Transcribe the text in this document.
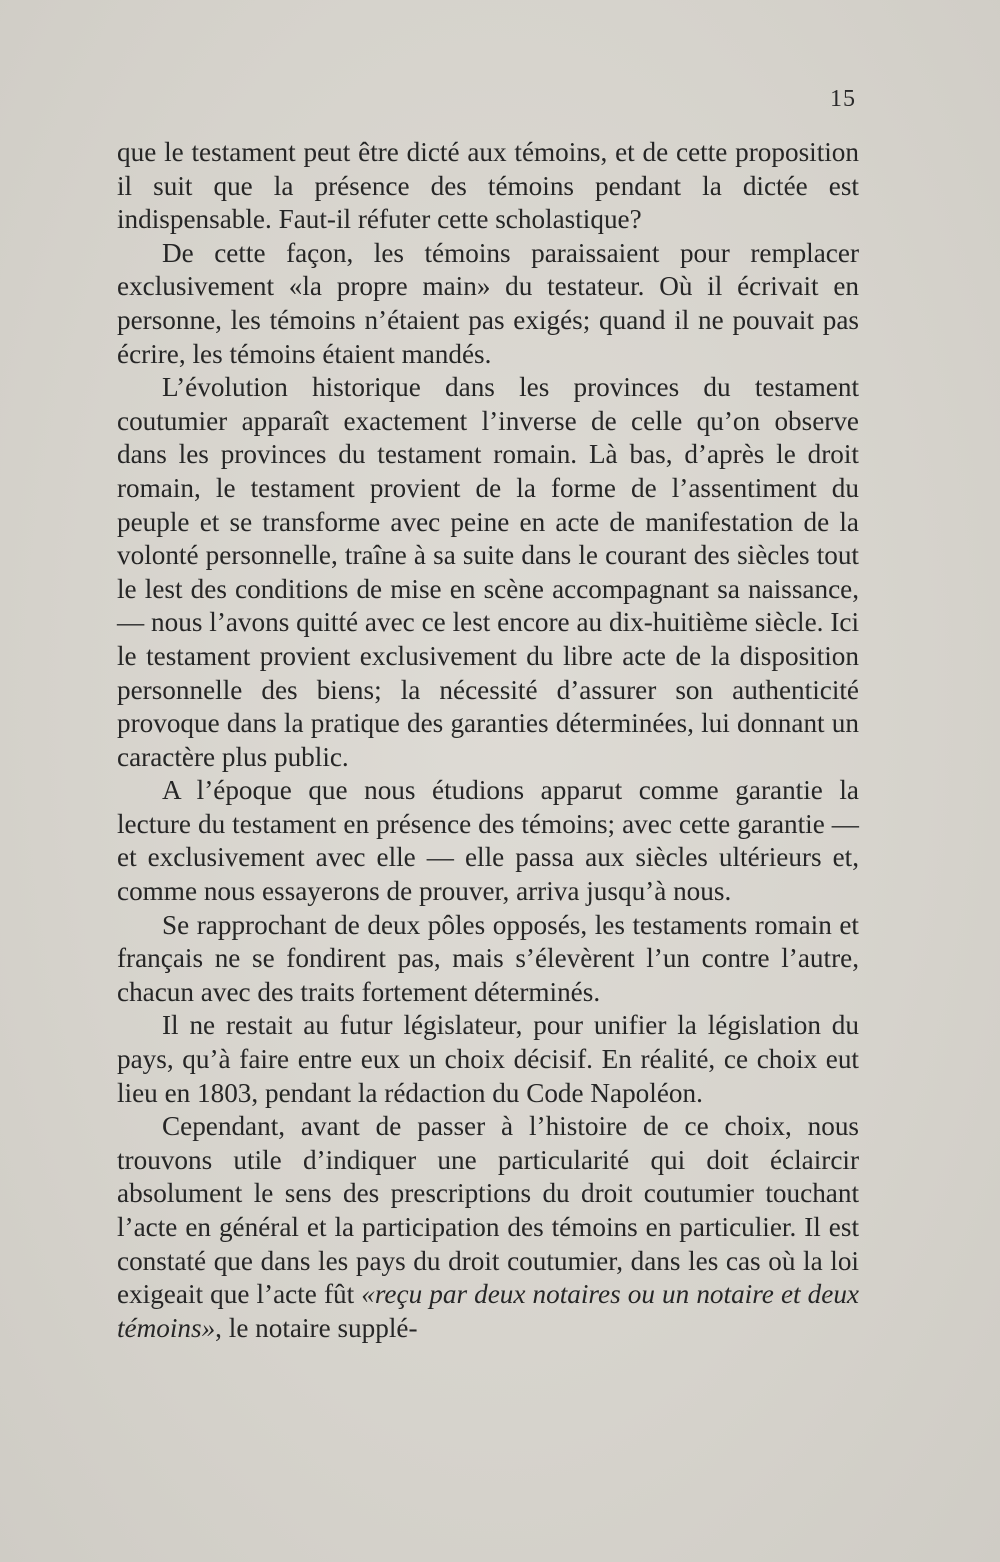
15

que le testament peut être dicté aux témoins, et de cette proposition il suit que la présence des témoins pendant la dictée est indispensable. Faut-il réfuter cette scholastique?

De cette façon, les témoins paraissaient pour remplacer exclusivement «la propre main» du testateur. Où il écrivait en personne, les témoins n’étaient pas exigés; quand il ne pouvait pas écrire, les témoins étaient mandés.

L’évolution historique dans les provinces du testament coutumier apparaît exactement l’inverse de celle qu’on observe dans les provinces du testament romain. Là bas, d’après le droit romain, le testament provient de la forme de l’assentiment du peuple et se transforme avec peine en acte de manifestation de la volonté personnelle, traîne à sa suite dans le courant des siècles tout le lest des conditions de mise en scène accompagnant sa naissance, — nous l’avons quitté avec ce lest encore au dix-huitième siècle. Ici le testament provient exclusivement du libre acte de la disposition personnelle des biens; la nécessité d’assurer son authenticité provoque dans la pratique des garanties déterminées, lui donnant un caractère plus public.

A l’époque que nous étudions apparut comme garantie la lecture du testament en présence des témoins; avec cette garantie — et exclusivement avec elle — elle passa aux siècles ultérieurs et, comme nous essayerons de prouver, arriva jusqu’à nous.

Se rapprochant de deux pôles opposés, les testaments romain et français ne se fondirent pas, mais s’élevèrent l’un contre l’autre, chacun avec des traits fortement déterminés.

Il ne restait au futur législateur, pour unifier la législation du pays, qu’à faire entre eux un choix décisif. En réalité, ce choix eut lieu en 1803, pendant la rédaction du Code Napoléon.

Cependant, avant de passer à l’histoire de ce choix, nous trouvons utile d’indiquer une particularité qui doit éclaircir absolument le sens des prescriptions du droit coutumier touchant l’acte en général et la participation des témoins en particulier. Il est constaté que dans les pays du droit coutumier, dans les cas où la loi exigeait que l’acte fût «reçu par deux notaires ou un notaire et deux témoins», le notaire supplé-
